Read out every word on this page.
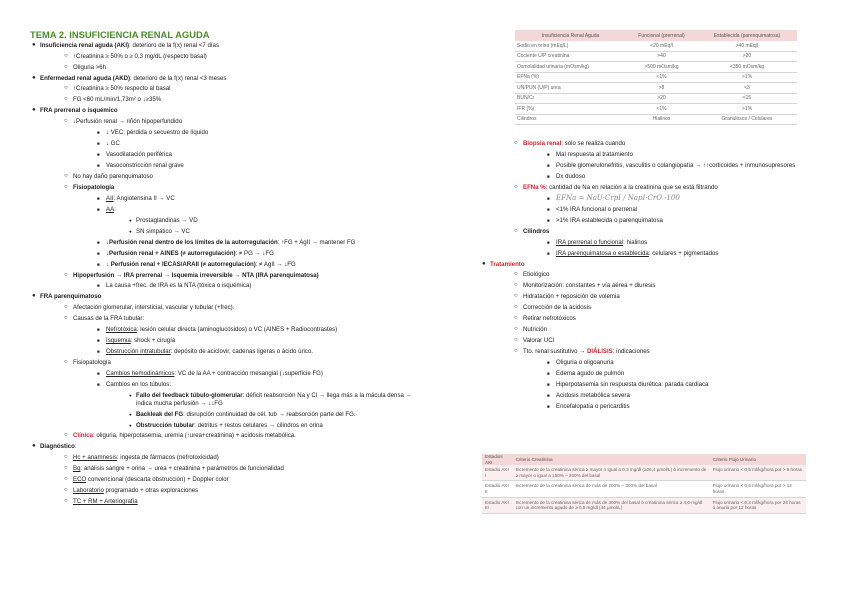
TEMA 2. INSUFICIENCIA RENAL AGUDA
● Insuficiencia renal aguda (AKI): deterioro de la f(x) renal <7 días
○ ↑Creatinina ≥ 50% o ≥ 0,3 mg/dL (respecto basal)
○ Oliguria >6h
● Enfermedad renal aguda (AKD): deterioro de la f(x) renal <3 meses
○ ↑Creatinina ≥ 50% respecto al basal
○ FG <60 mL/min/1,73m² o ↓≥35%
● FRA prerrenal o isquémico
○ ↓Perfusión renal → riñón hipoperfundido
■ ↓ VEC: pérdida o secuestro de líquido
■ ↓ GC
■ Vasodilatación periférica
■ Vasoconstricción renal grave
○ No hay daño parenquimatoso
○ Fisiopatología
■ AII: Angiotensina II → VC
■ AA:
● Prostaglandinas → VD
● SN simpático → VC
■ ↓Perfusión renal dentro de los límites de la autorregulación: ↑FG + AgII → mantener FG
■ ↓Perfusión renal + AINES (≠ autorregulación): ≠ PG → ↓FG
■ ↓ Perfusión renal + IECAS/ARAII (≠ autorregulación): ≠ AgII → ↓FG
○ Hipoperfusión → IRA prerrenal → Isquemia irreversible → NTA (IRA parenquimatosa)
■ La causa +frec. de IRA es la NTA (tóxica o isquémica)
● FRA parenquimatoso
○ Afectación glomerular, intersticial, vascular y tubular (+frec).
○ Causas de la FRA tubular:
■ Nefrotóxica: lesión celular directa (aminoglucósidos) o VC (AINES + Radiocontrastes)
■ Isquemia: shock + cirugía
■ Obstrucción intratubular: depósito de aciclovir, cadenas ligeras o ácido úrico.
○ Fisiopatología
■ Cambios hemodinámicos: VC de la AA + contracción mesangial (↓superficie FG)
■ Cambios en los túbulos:
● Fallo del feedback túbulo-glomerular: déficit reabsorción Na y Cl → llega más a la mácula densa → indica mucha perfusión → ↓↓FG
● Backleak del FG: disrupción continuidad de cél. tub → reabsorción parte del FG.
● Obstrucción tubular: detritus + restos celulares → cilindros en orina
○ Clínica: oliguria, hiperpotasemia, uremia (↑urea+creatinina) + acidosis metabólica.
● Diagnóstico:
○ Hc + anamnesis: ingesta de fármacos (nefrotoxicidad)
○ Bq: análisis sangre + orina → urea + creatinina + parámetros de funcionalidad
○ ECO convencional (descarta obstrucción) + Doppler color
○ Laboratorio programado + otras exploraciones
○ TC + RM + Arteriografía
Insuficiencia Renal Aguda	Funcional (prerrenal)	Establecida (parenquimatosa)
Sodio en orina (mEq/L)	<20 mEq/l	>40 mEq/l
Cociente U/P creatinina	>40	>20
Osmolalidad urinaria (mOsm/kg)	>500 mOsm/kg	<350 mOsm/kg
EFNa (%)	<1%	>1%
UN/PUN (U/P) urea	>8	<3
BUN/Cr	>20	<15
IFR (%)	<1%	>1%
Cilindros	Hialinos	Granulosos / Celulares
○ Biopsia renal: sólo se realiza cuando
■ Mal respuesta al tratamiento
■ Posible glomerulonefritis, vasculitis o colangiopatía → ↑↑corticoides + inmunosupresores
■ Dx dudoso
○ EFNa %: cantidad de Na en relación a la creatinina que se está filtrando
■ EFNa = NaU·CrpI / NapI·CrO ·100
■ <1% IRA funcional o prerrenal
■ >1% IRA establecida o parenquimatosa
○ Cilindros
■ IRA prerrenal o funcional: hialinos
■ IRA parenquimatosa o establecida: celulares + pigmentados
● Tratamiento
○ Etiológico
○ Monitorización: constantes + vía aérea + diuresis
○ Hidratación + reposición de volemia
○ Corrección de la acidosis
○ Retirar nefrotóxicos
○ Nutrición
○ Valorar UCI
○ Tto. renal sustitutivo → DIÁLISIS: indicaciones
■ Oliguria o oligoanuria
■ Edema agudo de pulmón
■ Hiperpotasemia sin respuesta diurética: parada cardiaca
■ Acidosis metabólica severa
■ Encefalopatía o pericarditis
Estadios AKI	Criterio Creatinina	Criterio Flujo Urinario
Estadio AKI I	Incremento de la creatinina sérica ≥ mayor o igual a 0,3 mg/dl (≥26,4 µmol/L) ó incremento de ≥ mayor o igual a 150% – 200% del basal	Flujo urinario < 0,5 ml/kg/hora por > 6 horas
Estadio AKI II	Incremento de la creatinina sérica de más de 200% – 300% del basal	Flujo urinario < 0,5 ml/kg/hora por > 12 horas
Estadio AKI III	Incremento de la creatinina sérica de más de 300% del basal ó creatinina sérica ≥ 4,0 mg/dl con un incremento agudo de ≥ 0,5 mg/dl (44 µmol/L)	Flujo urinario < 0,3 ml/kg/hora por 24 horas ó anuria por 12 horas
